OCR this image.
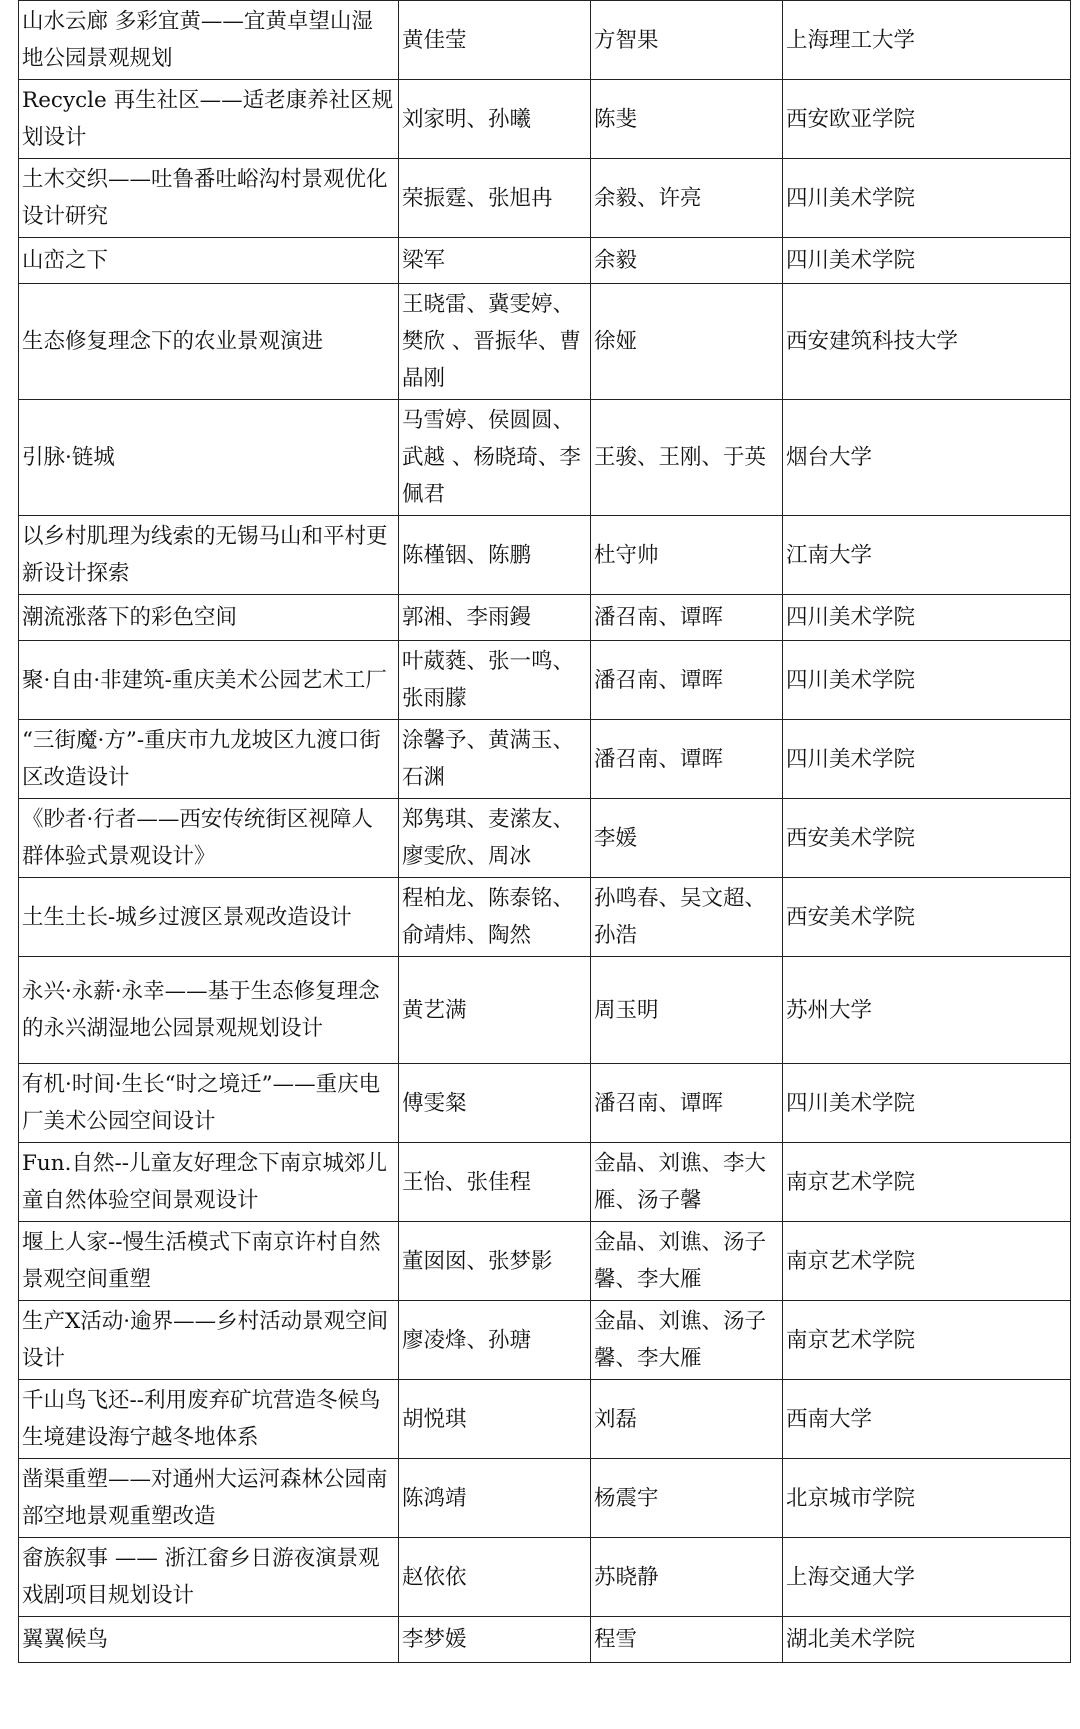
山水云廊 多彩宜黄——宜黄卓望山湿地公园景观规划	黄佳莹	方智果	上海理工大学
Recycle 再生社区——适老康养社区规划设计	刘家明、孙曦	陈斐	西安欧亚学院
土木交织——吐鲁番吐峪沟村景观优化设计研究	荣振霆、张旭冉	余毅、许亮	四川美术学院
山峦之下	梁军	余毅	四川美术学院
生态修复理念下的农业景观演进	王晓雷、冀雯婷、樊欣 、晋振华、曹晶刚	徐娅	西安建筑科技大学
引脉·链城	马雪婷、侯圆圆、武越 、杨晓琦、李佩君	王骏、王刚、于英	烟台大学
以乡村肌理为线索的无锡马山和平村更新设计探索	陈槿铟、陈鹏	杜守帅	江南大学
潮流涨落下的彩色空间	郭湘、李雨鏝	潘召南、谭晖	四川美术学院
聚·自由·非建筑-重庆美术公园艺术工厂	叶葳蕤、张一鸣、张雨朦	潘召南、谭晖	四川美术学院
“三街魔·方”-重庆市九龙坡区九渡口街区改造设计	涂馨予、黄满玉、石渊	潘召南、谭晖	四川美术学院
《眇者·行者——西安传统街区视障人群体验式景观设计》	郑隽琪、麦潆友、廖雯欣、周冰	李媛	西安美术学院
土生土长-城乡过渡区景观改造设计	程柏龙、陈泰铭、俞靖炜、陶然	孙鸣春、吴文超、孙浩	西安美术学院
永兴·永薪·永幸——基于生态修复理念的永兴湖湿地公园景观规划设计	黄艺满	周玉明	苏州大学
有机·时间·生长“时之境迁”——重庆电厂美术公园空间设计	傅雯粲	潘召南、谭晖	四川美术学院
Fun.自然--儿童友好理念下南京城郊儿童自然体验空间景观设计	王怡、张佳程	金晶、刘谯、李大雁、汤子馨	南京艺术学院
堰上人家--慢生活模式下南京许村自然景观空间重塑	董囡囡、张梦影	金晶、刘谯、汤子馨、李大雁	南京艺术学院
生产Ⅹ活动·逾界——乡村活动景观空间设计	廖凌烽、孙瑭	金晶、刘谯、汤子馨、李大雁	南京艺术学院
千山鸟飞还--利用废弃矿坑营造冬候鸟生境建设海宁越冬地体系	胡悦琪	刘磊	西南大学
凿渠重塑——对通州大运河森林公园南部空地景观重塑改造	陈鸿靖	杨震宇	北京城市学院
畲族叙事 —— 浙江畲乡日游夜演景观戏剧项目规划设计	赵依依	苏晓静	上海交通大学
翼翼候鸟	李梦媛	程雪	湖北美术学院
